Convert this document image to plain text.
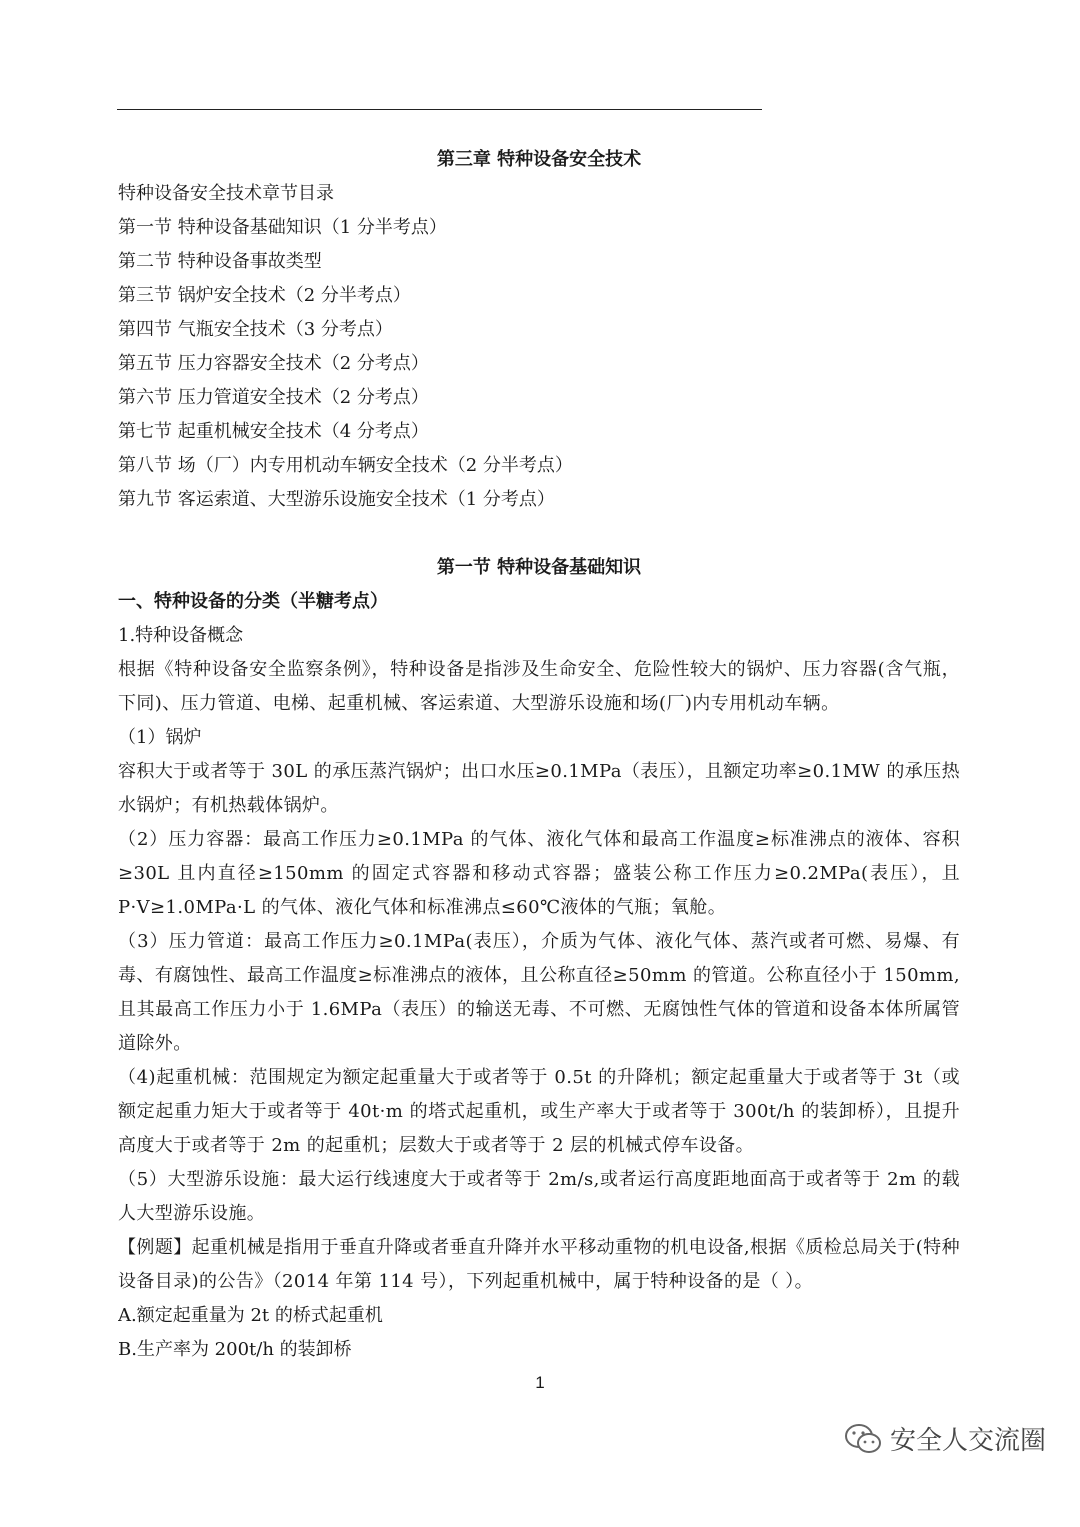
第三章 特种设备安全技术
特种设备安全技术章节目录
第一节 特种设备基础知识（1 分半考点）
第二节 特种设备事故类型
第三节 锅炉安全技术（2 分半考点）
第四节 气瓶安全技术（3 分考点）
第五节 压力容器安全技术（2 分考点）
第六节 压力管道安全技术（2 分考点）
第七节 起重机械安全技术（4 分考点）
第八节 场（厂）内专用机动车辆安全技术（2 分半考点）
第九节 客运索道、大型游乐设施安全技术（1 分考点）
第一节 特种设备基础知识
一、特种设备的分类（半糖考点）
1.特种设备概念
根据《特种设备安全监察条例》，特种设备是指涉及生命安全、危险性较大的锅炉、压力容器(含气瓶，下同)、压力管道、电梯、起重机械、客运索道、大型游乐设施和场(厂)内专用机动车辆。
（1）锅炉
容积大于或者等于 30L 的承压蒸汽锅炉；出口水压≥0.1MPa（表压），且额定功率≥0.1MW 的承压热水锅炉；有机热载体锅炉。
（2）压力容器：最高工作压力≥0.1MPa 的气体、液化气体和最高工作温度≥标准沸点的液体、容积≥30L 且内直径≥150mm 的固定式容器和移动式容器；盛装公称工作压力≥0.2MPa(表压），且 P·V≥1.0MPa·L 的气体、液化气体和标准沸点≤60℃液体的气瓶；氧舱。
（3）压力管道：最高工作压力≥0.1MPa(表压），介质为气体、液化气体、蒸汽或者可燃、易爆、有毒、有腐蚀性、最高工作温度≥标准沸点的液体，且公称直径≥50mm 的管道。公称直径小于 150mm,且其最高工作压力小于 1.6MPa（表压）的输送无毒、不可燃、无腐蚀性气体的管道和设备本体所属管道除外。
（4)起重机械：范围规定为额定起重量大于或者等于 0.5t 的升降机；额定起重量大于或者等于 3t（或额定起重力矩大于或者等于 40t·m 的塔式起重机，或生产率大于或者等于 300t/h 的装卸桥），且提升高度大于或者等于 2m 的起重机；层数大于或者等于 2 层的机械式停车设备。
（5）大型游乐设施：最大运行线速度大于或者等于 2m/s,或者运行高度距地面高于或者等于 2m 的载人大型游乐设施。
【例题】起重机械是指用于垂直升降或者垂直升降并水平移动重物的机电设备,根据《质检总局关于(特种设备目录)的公告》（2014 年第 114 号），下列起重机械中，属于特种设备的是（ ）。
A.额定起重量为 2t 的桥式起重机
B.生产率为 200t/h 的装卸桥
1
安全人交流圈
